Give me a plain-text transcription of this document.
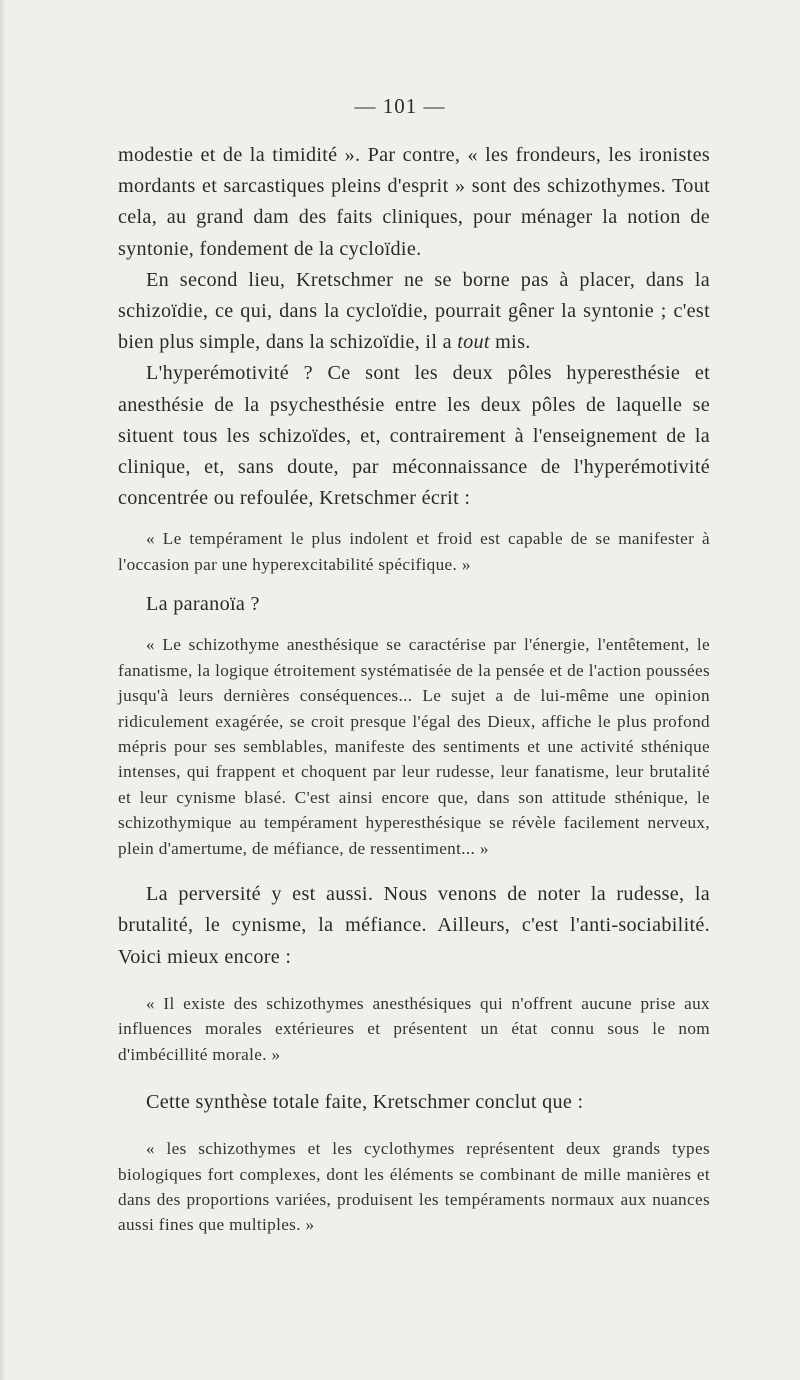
— 101 —

modestie et de la timidité ». Par contre, « les frondeurs, les ironistes mordants et sarcastiques pleins d'esprit » sont des schizothymes. Tout cela, au grand dam des faits cliniques, pour ménager la notion de syntonie, fondement de la cycloïdie.

En second lieu, Kretschmer ne se borne pas à placer, dans la schizoïdie, ce qui, dans la cycloïdie, pourrait gêner la syntonie ; c'est bien plus simple, dans la schizoïdie, il a tout mis.

L'hyperémotivité ? Ce sont les deux pôles hyperesthésie et anesthésie de la psychesthésie entre les deux pôles de laquelle se situent tous les schizoïdes, et, contrairement à l'enseignement de la clinique, et, sans doute, par méconnaissance de l'hyperémotivité concentrée ou refoulée, Kretschmer écrit :

« Le tempérament le plus indolent et froid est capable de se manifester à l'occasion par une hyperexcitabilité spécifique. »

La paranoïa ?

« Le schizothyme anesthésique se caractérise par l'énergie, l'entêtement, le fanatisme, la logique étroitement systématisée de la pensée et de l'action poussées jusqu'à leurs dernières conséquences... Le sujet a de lui-même une opinion ridiculement exagérée, se croit presque l'égal des Dieux, affiche le plus profond mépris pour ses semblables, manifeste des sentiments et une activité sthénique intenses, qui frappent et choquent par leur rudesse, leur fanatisme, leur brutalité et leur cynisme blasé. C'est ainsi encore que, dans son attitude sthénique, le schizothymique au tempérament hyperesthésique se révèle facilement nerveux, plein d'amertume, de méfiance, de ressentiment... »

La perversité y est aussi. Nous venons de noter la rudesse, la brutalité, le cynisme, la méfiance. Ailleurs, c'est l'anti-sociabilité. Voici mieux encore :

« Il existe des schizothymes anesthésiques qui n'offrent aucune prise aux influences morales extérieures et présentent un état connu sous le nom d'imbécillité morale. »

Cette synthèse totale faite, Kretschmer conclut que :

« les schizothymes et les cyclothymes représentent deux grands types biologiques fort complexes, dont les éléments se combinant de mille manières et dans des proportions variées, produisent les tempéraments normaux aux nuances aussi fines que multiples. »
